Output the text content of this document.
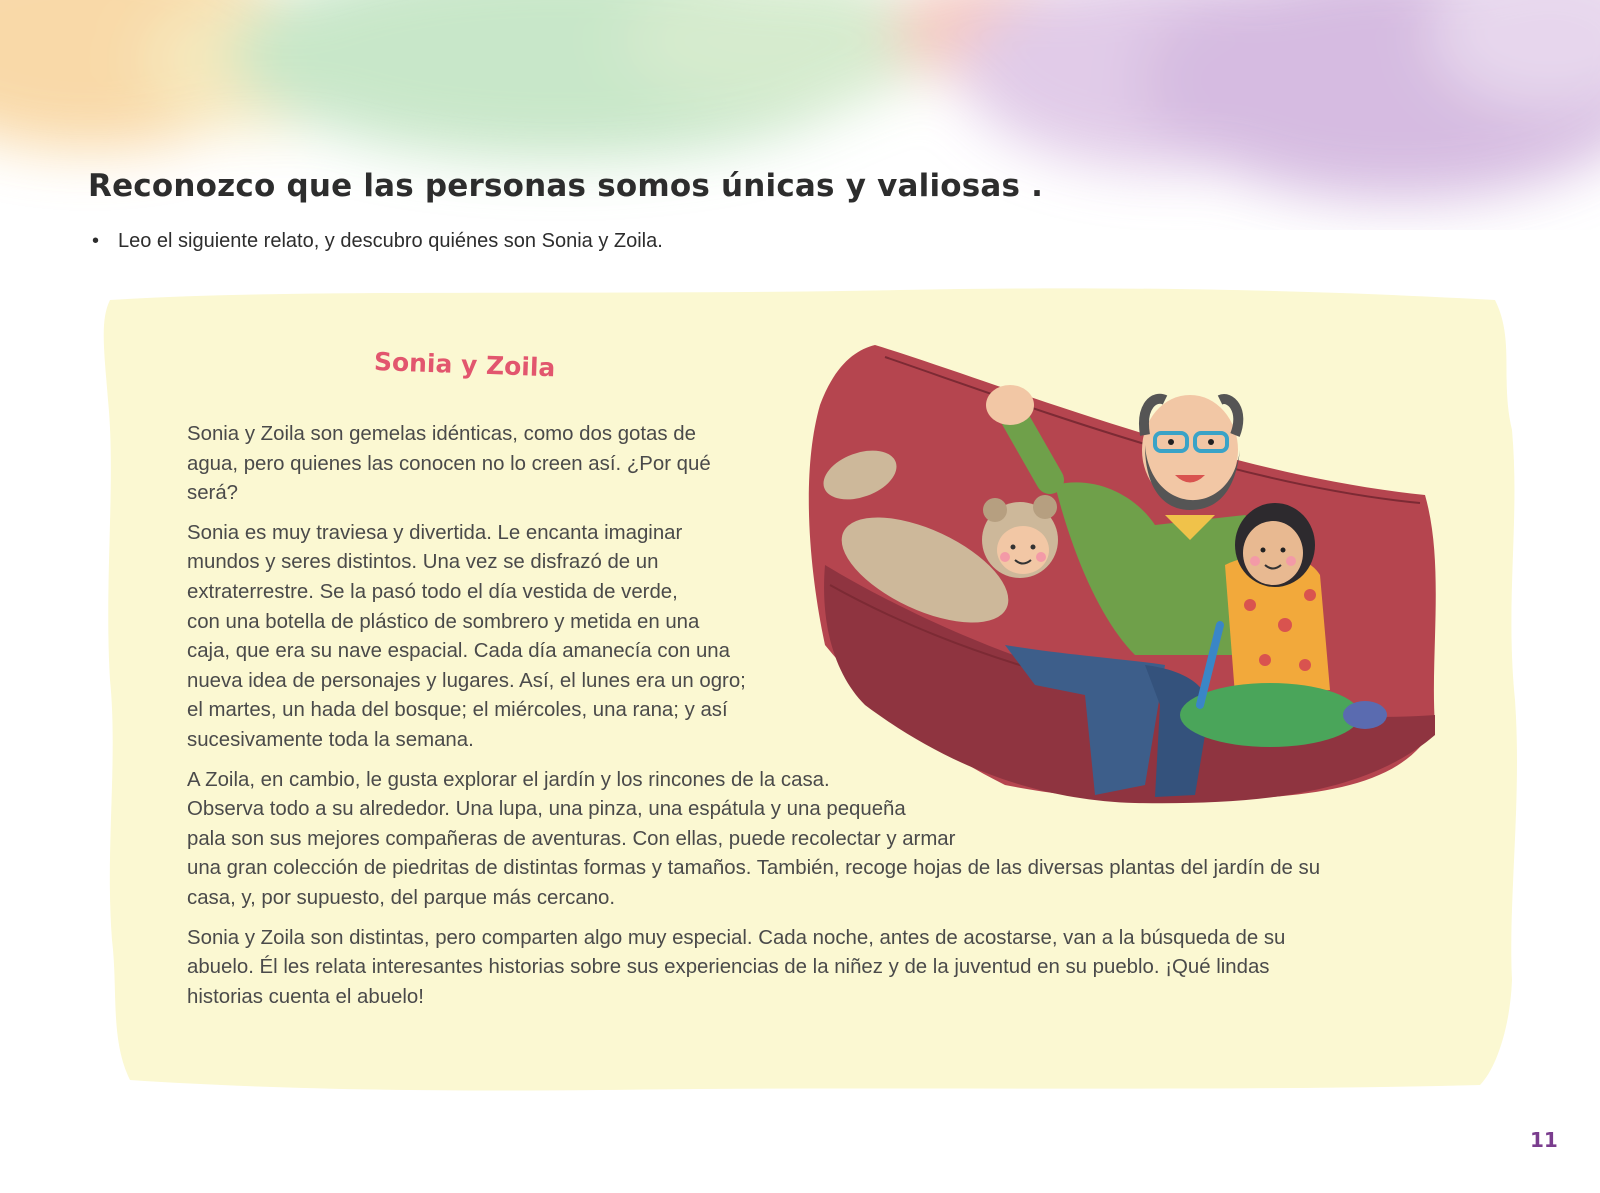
Reconozco que las personas somos únicas y valiosas .

• Leo el siguiente relato, y descubro quiénes son Sonia y Zoila.

Sonia y Zoila

Sonia y Zoila son gemelas idénticas, como dos gotas de
agua, pero quienes las conocen no lo creen así. ¿Por qué
será?

Sonia es muy traviesa y divertida. Le encanta imaginar
mundos y seres distintos. Una vez se disfrazó de un
extraterrestre. Se la pasó todo el día vestida de verde,
con una botella de plástico de sombrero y metida en una
caja, que era su nave espacial. Cada día amanecía con una
nueva idea de personajes y lugares. Así, el lunes era un ogro;
el martes, un hada del bosque; el miércoles, una rana; y así
sucesivamente toda la semana.

A Zoila, en cambio, le gusta explorar el jardín y los rincones de la casa.
Observa todo a su alrededor. Una lupa, una pinza, una espátula y una pequeña
pala son sus mejores compañeras de aventuras. Con ellas, puede recolectar y armar
una gran colección de piedritas de distintas formas y tamaños. También, recoge hojas de las diversas plantas del jardín de su
casa, y, por supuesto, del parque más cercano.

Sonia y Zoila son distintas, pero comparten algo muy especial. Cada noche, antes de acostarse, van a la búsqueda de su
abuelo. Él les relata interesantes historias sobre sus experiencias de la niñez y de la juventud en su pueblo. ¡Qué lindas
historias cuenta el abuelo!

11
